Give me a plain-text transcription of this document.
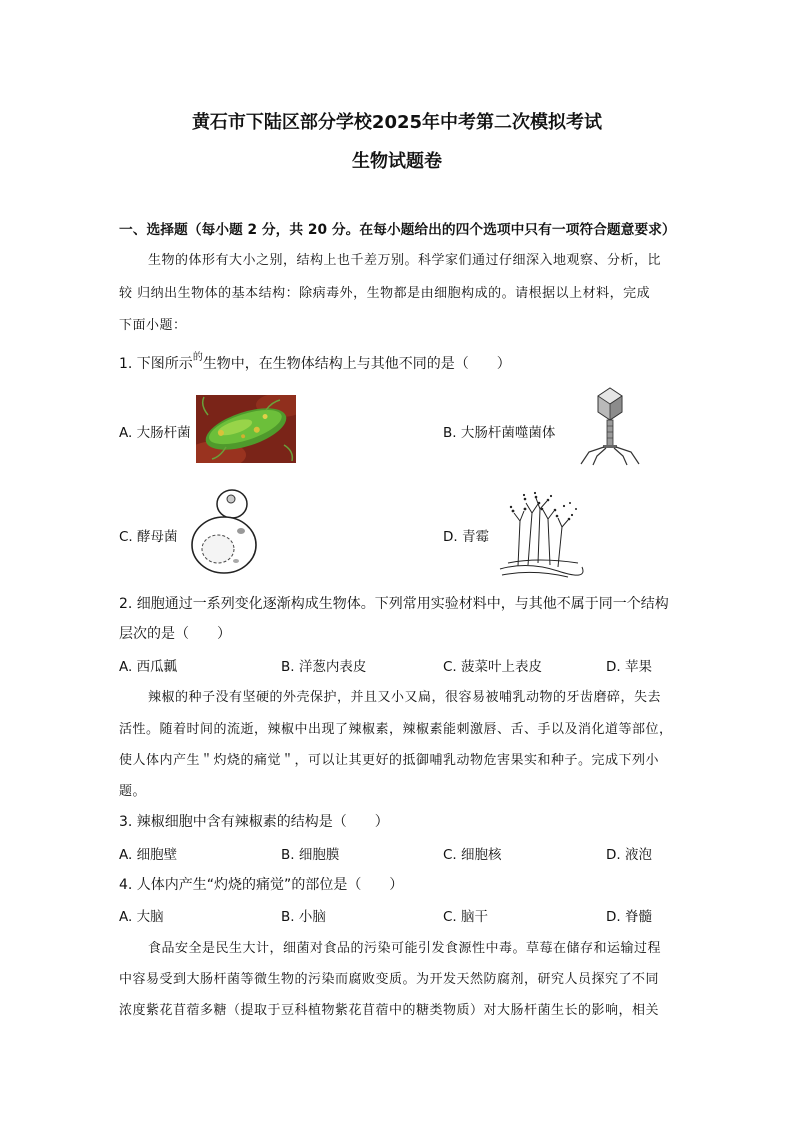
黄石市下陆区部分学校2025年中考第二次模拟考试
生物试题卷
一、选择题（每小题 2 分，共 20 分。在每小题给出的四个选项中只有一项符合题意要求）
生物的体形有大小之别，结构上也千差万别。科学家们通过仔细深入地观察、分析，比
较 归纳出生物体的基本结构：除病毒外，生物都是由细胞构成的。请根据以上材料，完成
下面小题：
1. 下图所示$^的$生物中，在生物体结构上与其他不同的是（　　）
A. 大肠杆菌	B. 大肠杆菌噬菌体
C. 酵母菌	D. 青霉
2. 细胞通过一系列变化逐渐构成生物体。下列常用实验材料中，与其他不属于同一个结构
层次的是（　　）
A. 西瓜瓤	B. 洋葱内表皮	C. 菠菜叶上表皮	D. 苹果
辣椒的种子没有坚硬的外壳保护，并且又小又扁，很容易被哺乳动物的牙齿磨碎，失去
活性。随着时间的流逝，辣椒中出现了辣椒素，辣椒素能刺激唇、舌、手以及消化道等部位，
使人体内产生＂灼烧的痛觉＂，可以让其更好的抵御哺乳动物危害果实和种子。完成下列小
题。
3. 辣椒细胞中含有辣椒素的结构是（　　）
A. 细胞壁	B. 细胞膜	C. 细胞核	D. 液泡
4. 人体内产生“灼烧的痛觉”的部位是（　　）
A. 大脑	B. 小脑	C. 脑干	D. 脊髓
食品安全是民生大计，细菌对食品的污染可能引发食源性中毒。草莓在储存和运输过程
中容易受到大肠杆菌等微生物的污染而腐败变质。为开发天然防腐剂，研究人员探究了不同
浓度紫花苜蓿多糖（提取于豆科植物紫花苜蓿中的糖类物质）对大肠杆菌生长的影响，相关
